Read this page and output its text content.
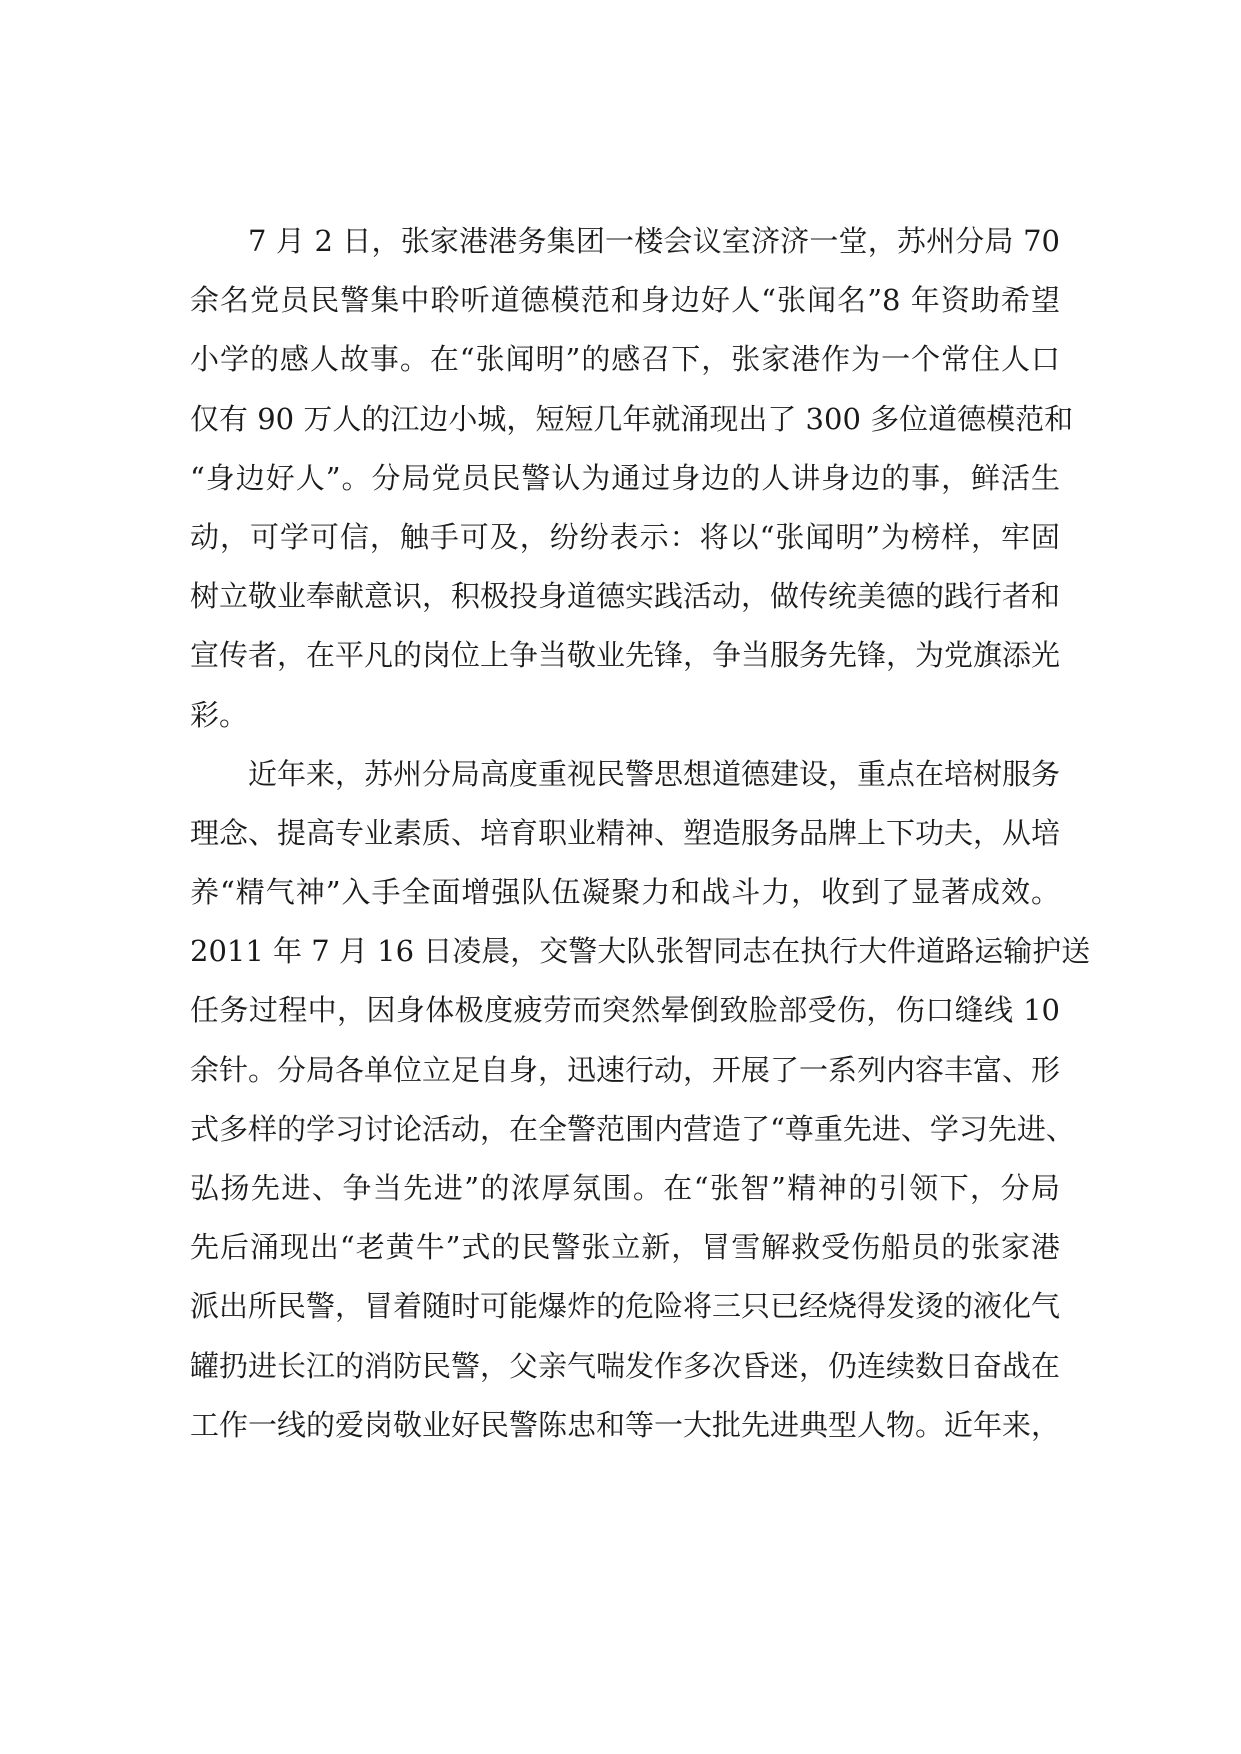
7 月 2 日，张家港港务集团一楼会议室济济一堂，苏州分局 70
余名党员民警集中聆听道德模范和身边好人“张闻名”8 年资助希望
小学的感人故事。在“张闻明”的感召下，张家港作为一个常住人口
仅有 90 万人的江边小城，短短几年就涌现出了 300 多位道德模范和
“身边好人”。分局党员民警认为通过身边的人讲身边的事，鲜活生
动，可学可信，触手可及，纷纷表示：将以“张闻明”为榜样，牢固
树立敬业奉献意识，积极投身道德实践活动，做传统美德的践行者和
宣传者，在平凡的岗位上争当敬业先锋，争当服务先锋，为党旗添光
彩。
近年来，苏州分局高度重视民警思想道德建设，重点在培树服务
理念、提高专业素质、培育职业精神、塑造服务品牌上下功夫，从培
养“精气神”入手全面增强队伍凝聚力和战斗力，收到了显著成效。
2011 年 7 月 16 日凌晨，交警大队张智同志在执行大件道路运输护送
任务过程中，因身体极度疲劳而突然晕倒致脸部受伤，伤口缝线 10
余针。分局各单位立足自身，迅速行动，开展了一系列内容丰富、形
式多样的学习讨论活动，在全警范围内营造了“尊重先进、学习先进、
弘扬先进、争当先进”的浓厚氛围。在“张智”精神的引领下，分局
先后涌现出“老黄牛”式的民警张立新，冒雪解救受伤船员的张家港
派出所民警，冒着随时可能爆炸的危险将三只已经烧得发烫的液化气
罐扔进长江的消防民警，父亲气喘发作多次昏迷，仍连续数日奋战在
工作一线的爱岗敬业好民警陈忠和等一大批先进典型人物。近年来，
